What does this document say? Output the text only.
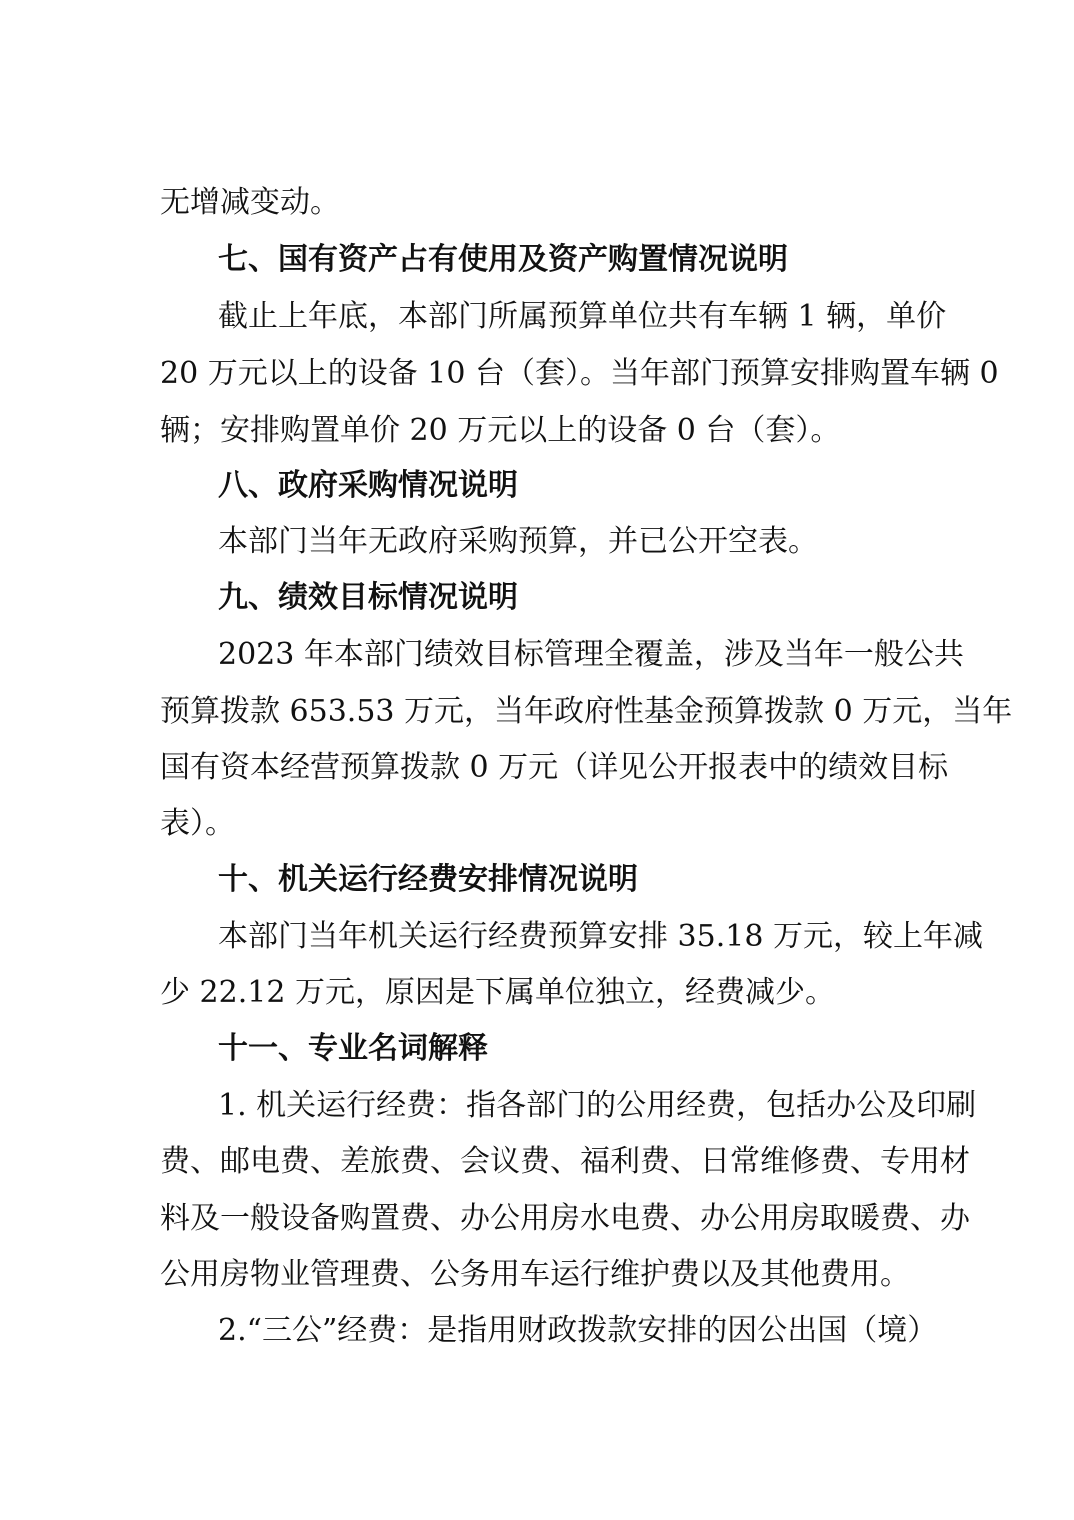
无增减变动。
七、国有资产占有使用及资产购置情况说明
截止上年底，本部门所属预算单位共有车辆 1 辆，单价
20 万元以上的设备 10 台（套）。当年部门预算安排购置车辆 0
辆；安排购置单价 20 万元以上的设备 0 台（套）。
八、政府采购情况说明
本部门当年无政府采购预算，并已公开空表。
九、绩效目标情况说明
2023 年本部门绩效目标管理全覆盖，涉及当年一般公共
预算拨款 653.53 万元，当年政府性基金预算拨款 0 万元，当年
国有资本经营预算拨款 0 万元（详见公开报表中的绩效目标
表）。
十、机关运行经费安排情况说明
本部门当年机关运行经费预算安排 35.18 万元，较上年减
少 22.12 万元，原因是下属单位独立，经费减少。
十一、专业名词解释
1. 机关运行经费：指各部门的公用经费，包括办公及印刷
费、邮电费、差旅费、会议费、福利费、日常维修费、专用材
料及一般设备购置费、办公用房水电费、办公用房取暖费、办
公用房物业管理费、公务用车运行维护费以及其他费用。
2.“三公”经费：是指用财政拨款安排的因公出国（境）
